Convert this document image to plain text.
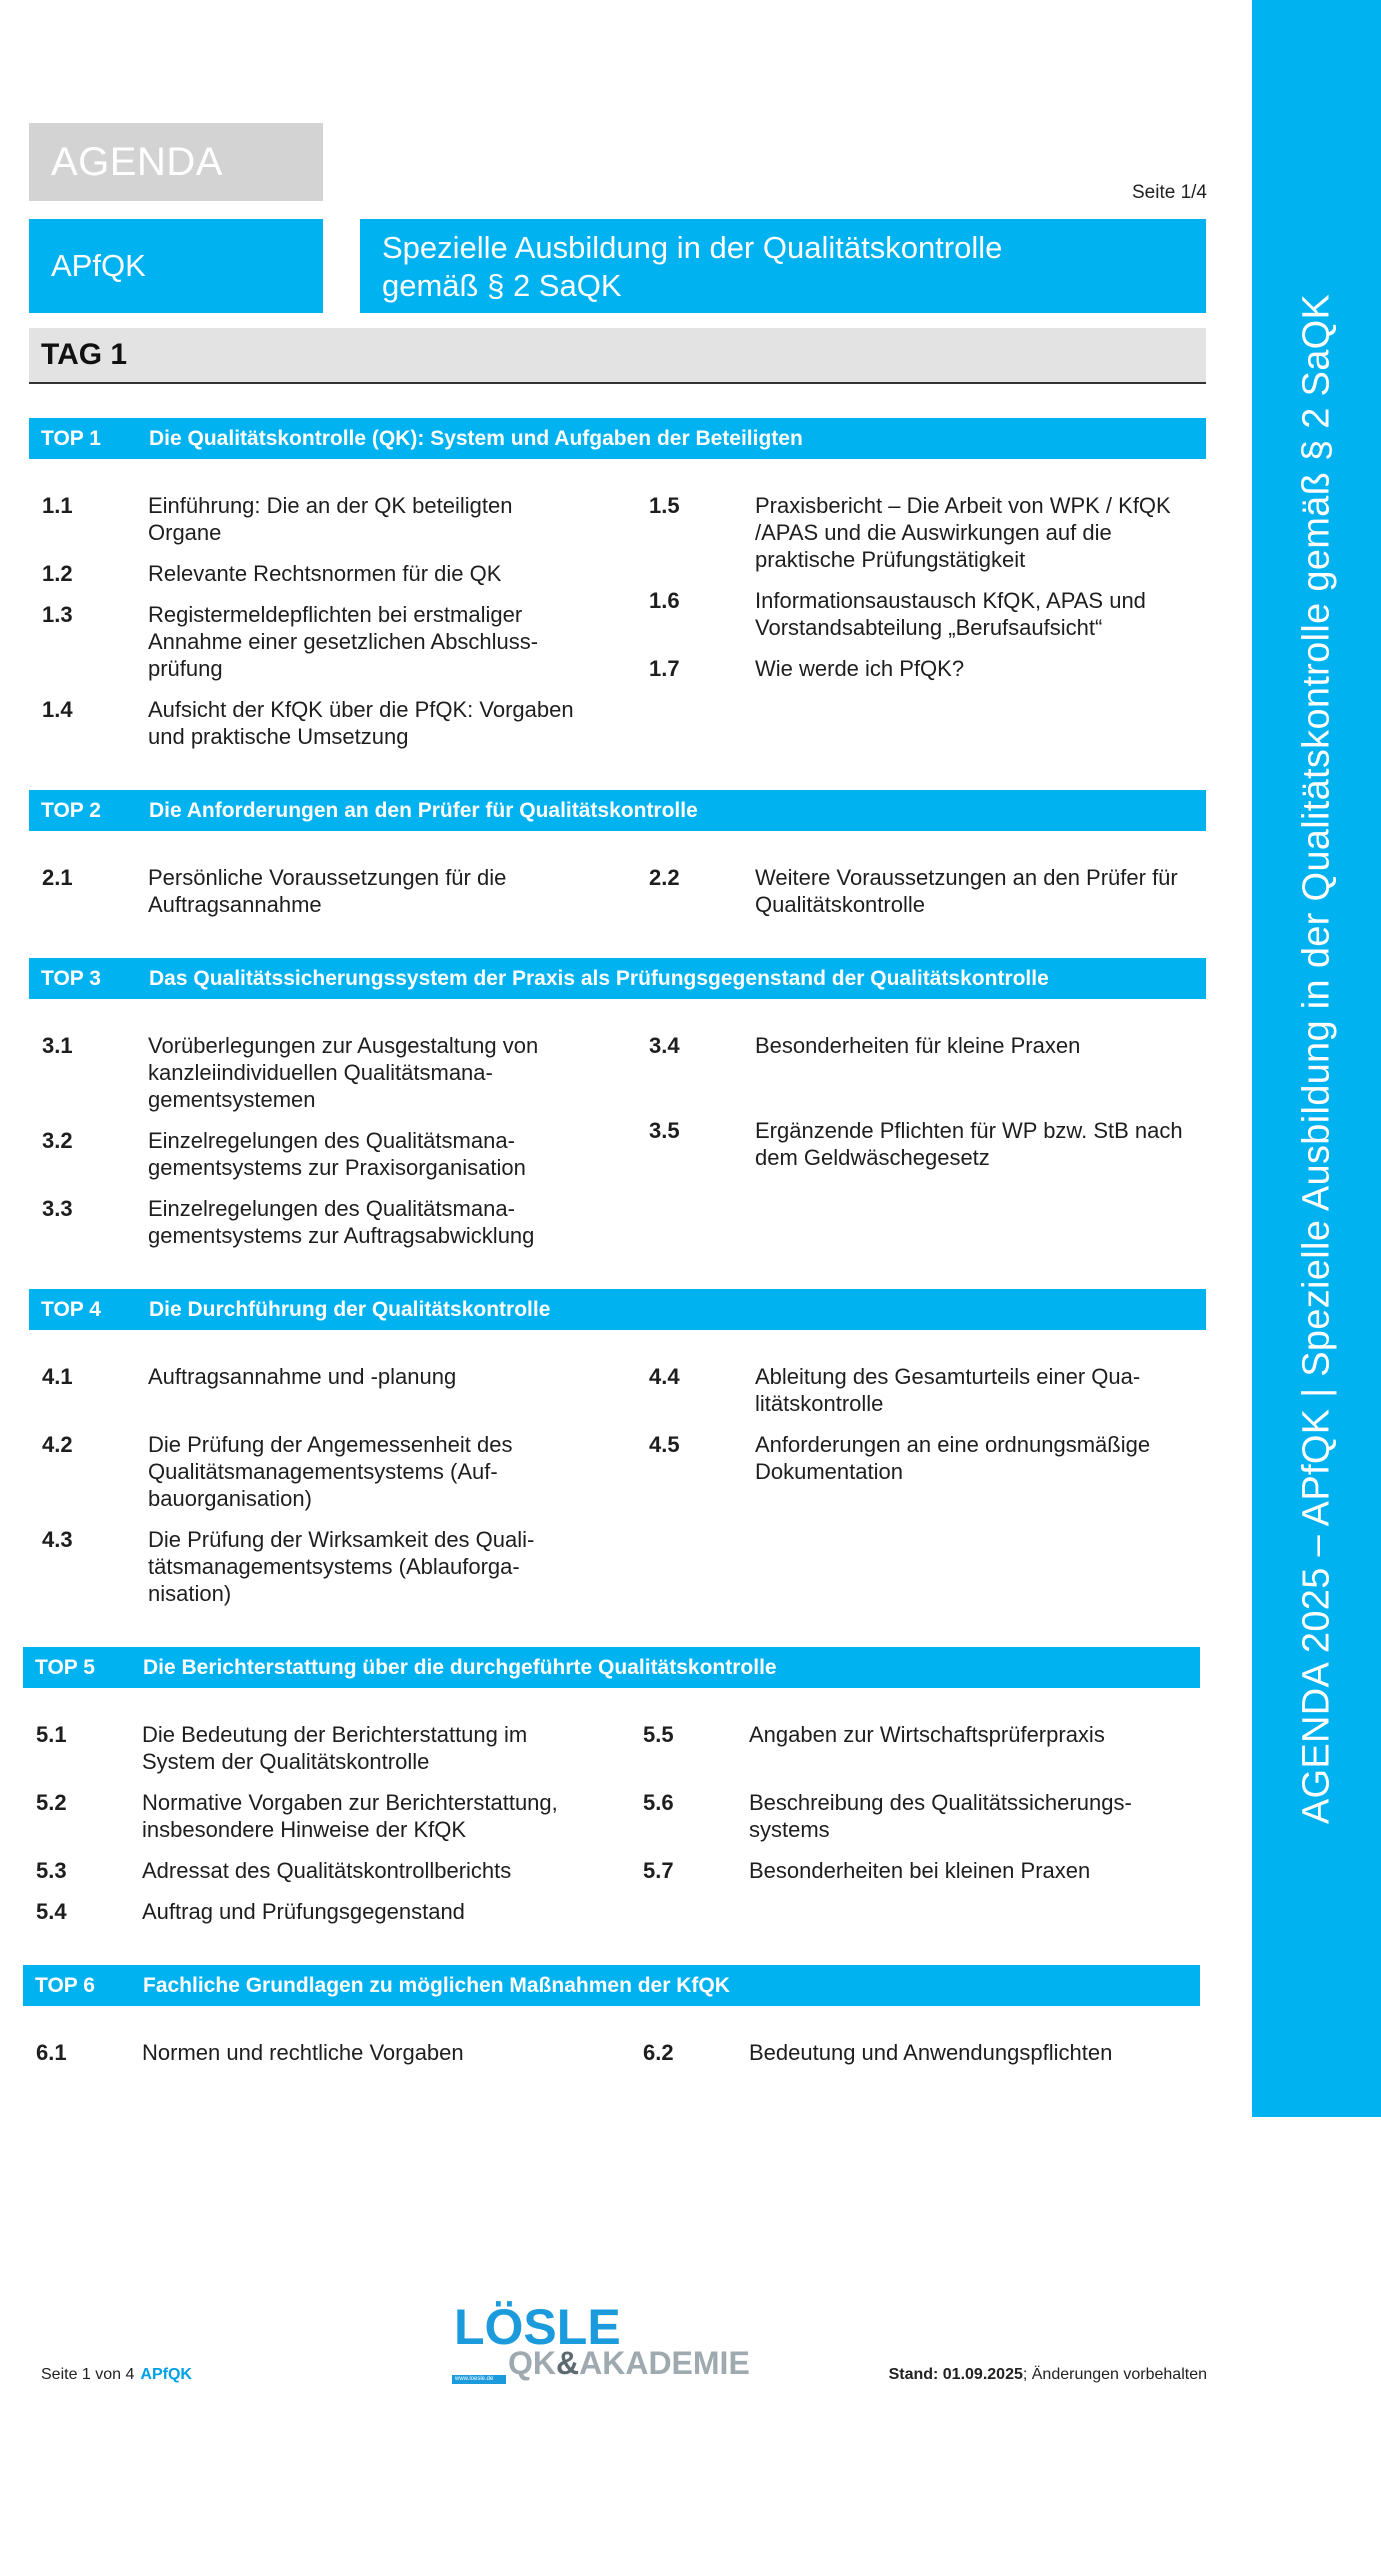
AGENDA
Seite 1/4
APfQK
Spezielle Ausbildung in der Qualitätskontrolle
gemäß § 2 SaQK
TAG 1	AGENDA 2025 – APfQK | Spezielle Ausbildung in der Qualitätskontrolle gemäß § 2 SaQK
TOP 1 Die Qualitätskontrolle (QK): System und Aufgaben der Beteiligten
1.1	Einführung: Die an der QK beteiligten Organe
1.2	Relevante Rechtsnormen für die QK
1.3	Registermeldepflichten bei erstmaliger Annahme einer gesetzlichen Abschlussprüfung
1.4	Aufsicht der KfQK über die PfQK: Vorgaben und praktische Umsetzung
1.5	Praxisbericht – Die Arbeit von WPK / KfQK /APAS und die Auswirkungen auf die praktische Prüfungstätigkeit
1.6	Informationsaustausch KfQK, APAS und Vorstandsabteilung „Berufsaufsicht“
1.7	Wie werde ich PfQK?
TOP 2 Die Anforderungen an den Prüfer für Qualitätskontrolle
2.1	Persönliche Voraussetzungen für die Auftragsannahme
2.2	Weitere Voraussetzungen an den Prüfer für Qualitätskontrolle
TOP 3 Das Qualitätssicherungssystem der Praxis als Prüfungsgegenstand der Qualitätskontrolle
3.1	Vorüberlegungen zur Ausgestaltung von kanzleiindividuellen Qualitätsmanagementsystemen
3.2	Einzelregelungen des Qualitätsmanagementsystems zur Praxisorganisation
3.3	Einzelregelungen des Qualitätsmanagementsystems zur Auftragsabwicklung
3.4	Besonderheiten für kleine Praxen
3.5	Ergänzende Pflichten für WP bzw. StB nach dem Geldwäschegesetz
TOP 4 Die Durchführung der Qualitätskontrolle
4.1	Auftragsannahme und -planung
4.2	Die Prüfung der Angemessenheit des Qualitätsmanagementsystems (Aufbauorganisation)
4.3	Die Prüfung der Wirksamkeit des Qualitätsmanagementsystems (Ablauforganisation)
4.4	Ableitung des Gesamturteils einer Qualitätskontrolle
4.5	Anforderungen an eine ordnungsmäßige Dokumentation
TOP 5 Die Berichterstattung über die durchgeführte Qualitätskontrolle
5.1	Die Bedeutung der Berichterstattung im System der Qualitätskontrolle
5.2	Normative Vorgaben zur Berichterstattung, insbesondere Hinweise der KfQK
5.3	Adressat des Qualitätskontrollberichts
5.4	Auftrag und Prüfungsgegenstand
5.5	Angaben zur Wirtschaftsprüferpraxis
5.6	Beschreibung des Qualitätssicherungssystems
5.7	Besonderheiten bei kleinen Praxen
TOP 6 Fachliche Grundlagen zu möglichen Maßnahmen der KfQK
6.1	Normen und rechtliche Vorgaben	6.2	Bedeutung und Anwendungspflichten
Seite 1 von 4 APfQK
LÖSLE
QK&AKADEMIE
www.loesle.de	Stand: 01.09.2025; Änderungen vorbehalten
